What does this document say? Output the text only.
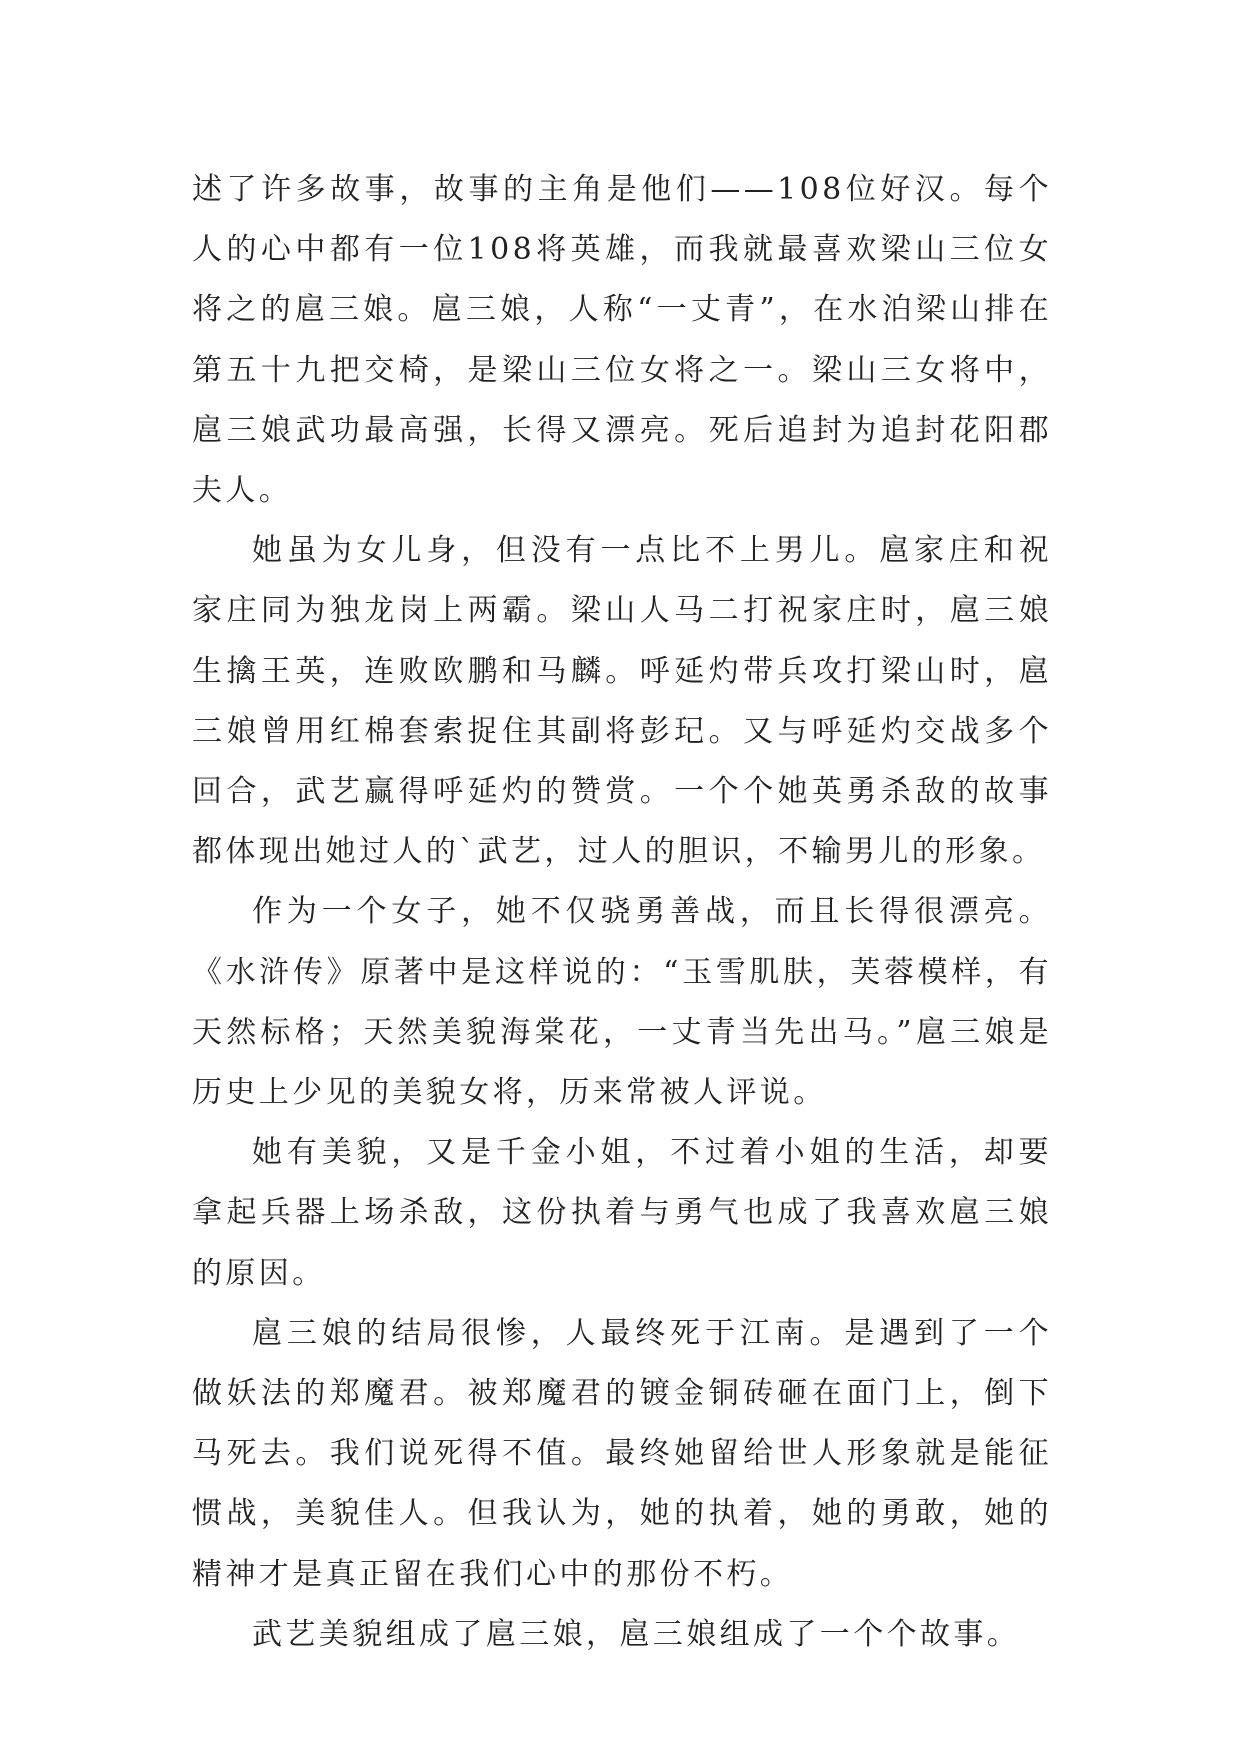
述了许多故事，故事的主角是他们——108位好汉。每个人的心中都有一位108将英雄，而我就最喜欢梁山三位女将之的扈三娘。扈三娘，人称“一丈青”，在水泊梁山排在第五十九把交椅，是梁山三位女将之一。梁山三女将中，扈三娘武功最高强，长得又漂亮。死后追封为追封花阳郡夫人。

她虽为女儿身，但没有一点比不上男儿。扈家庄和祝家庄同为独龙岗上两霸。梁山人马二打祝家庄时，扈三娘生擒王英，连败欧鹏和马麟。呼延灼带兵攻打梁山时，扈三娘曾用红棉套索捉住其副将彭玘。又与呼延灼交战多个回合，武艺赢得呼延灼的赞赏。一个个她英勇杀敌的故事都体现出她过人的`武艺，过人的胆识，不输男儿的形象。

作为一个女子，她不仅骁勇善战，而且长得很漂亮。《水浒传》原著中是这样说的：“玉雪肌肤，芙蓉模样，有天然标格；天然美貌海棠花，一丈青当先出马。”扈三娘是历史上少见的美貌女将，历来常被人评说。

她有美貌，又是千金小姐，不过着小姐的生活，却要拿起兵器上场杀敌，这份执着与勇气也成了我喜欢扈三娘的原因。

扈三娘的结局很惨，人最终死于江南。是遇到了一个做妖法的郑魔君。被郑魔君的镀金铜砖砸在面门上，倒下马死去。我们说死得不值。最终她留给世人形象就是能征惯战，美貌佳人。但我认为，她的执着，她的勇敢，她的精神才是真正留在我们心中的那份不朽。

武艺美貌组成了扈三娘，扈三娘组成了一个个故事。
